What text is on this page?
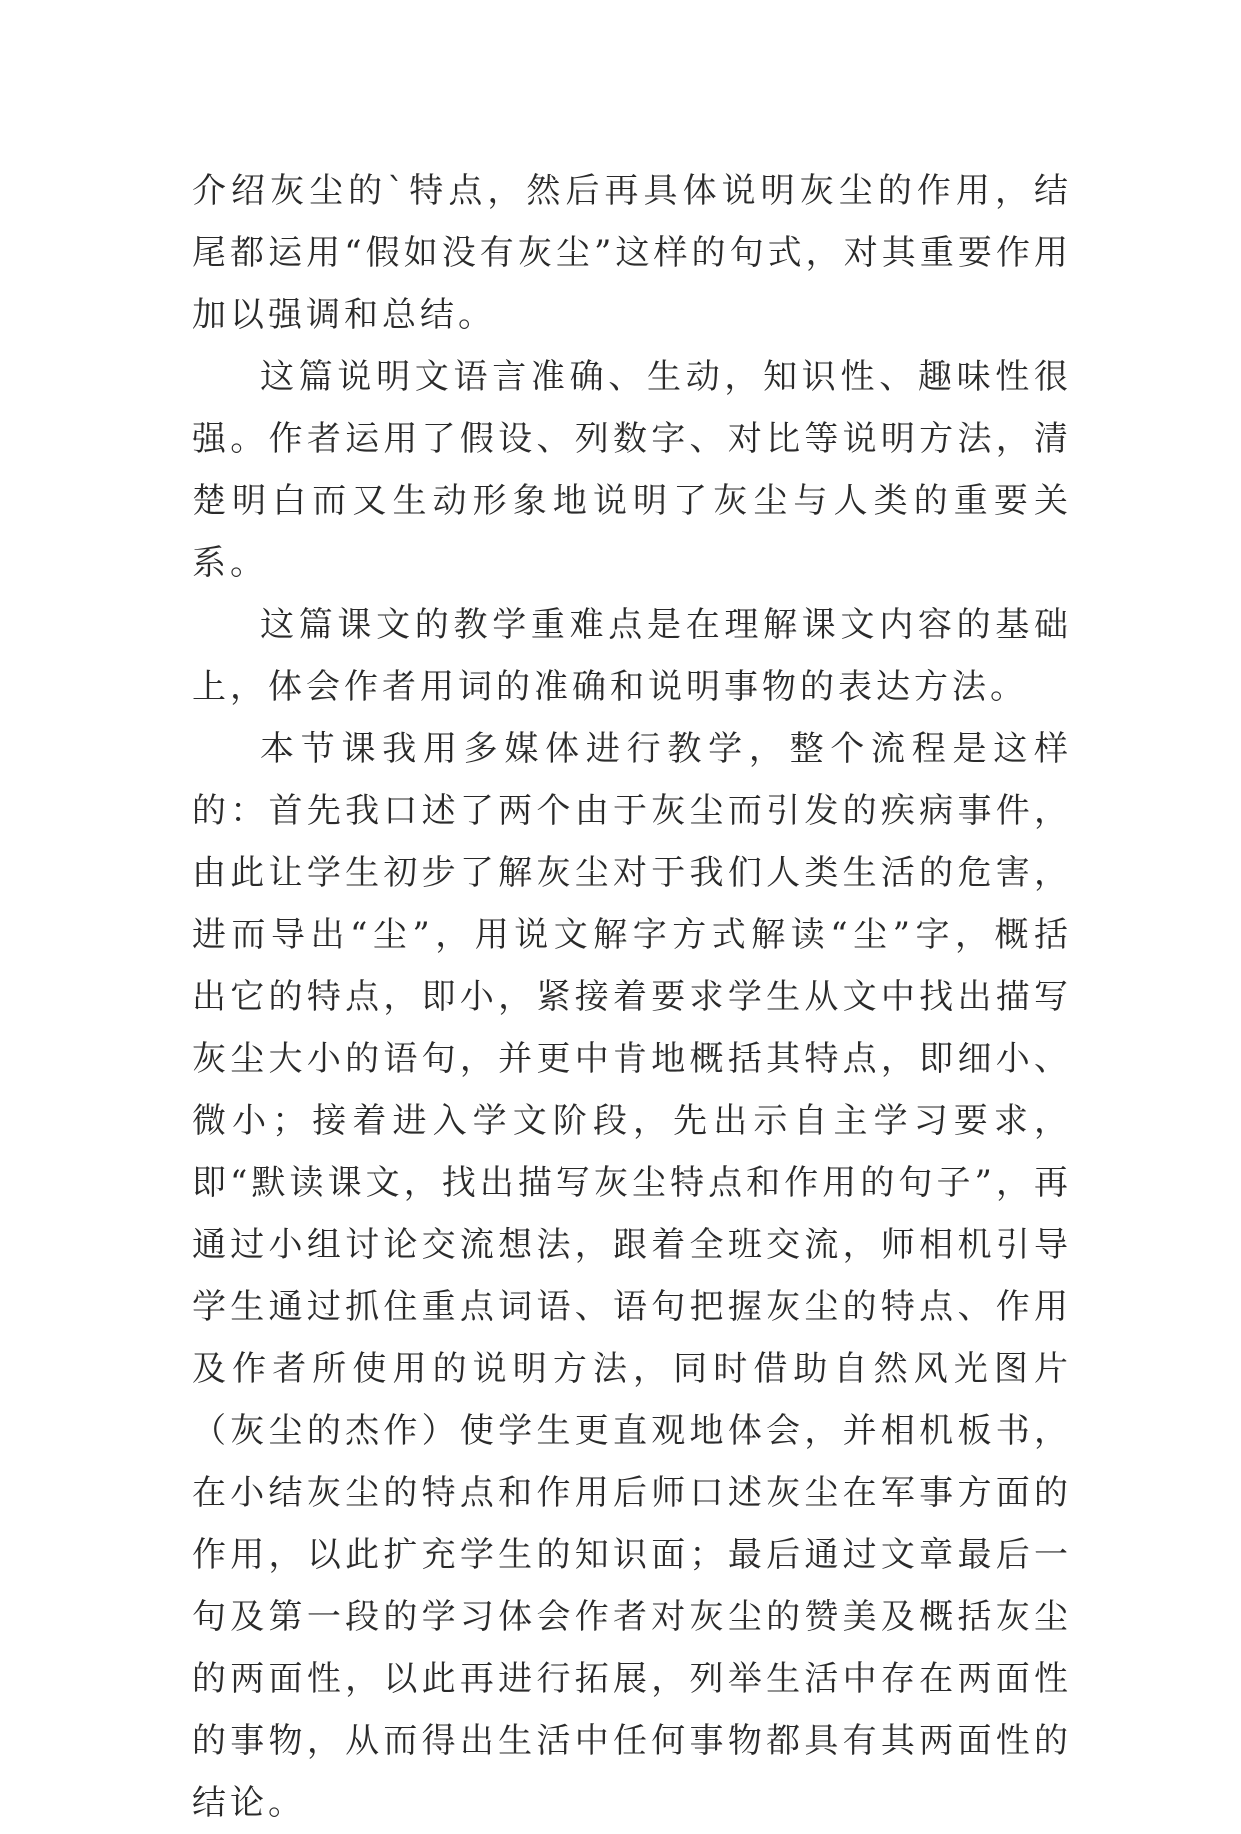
介绍灰尘的`特点，然后再具体说明灰尘的作用，结尾都运用“假如没有灰尘”这样的句式，对其重要作用加以强调和总结。

这篇说明文语言准确、生动，知识性、趣味性很强。作者运用了假设、列数字、对比等说明方法，清楚明白而又生动形象地说明了灰尘与人类的重要关系。

这篇课文的教学重难点是在理解课文内容的基础上，体会作者用词的准确和说明事物的表达方法。

本节课我用多媒体进行教学，整个流程是这样的：首先我口述了两个由于灰尘而引发的疾病事件，由此让学生初步了解灰尘对于我们人类生活的危害，进而导出“尘”，用说文解字方式解读“尘”字，概括出它的特点，即小，紧接着要求学生从文中找出描写灰尘大小的语句，并更中肯地概括其特点，即细小、微小；接着进入学文阶段，先出示自主学习要求，即“默读课文，找出描写灰尘特点和作用的句子”，再通过小组讨论交流想法，跟着全班交流，师相机引导学生通过抓住重点词语、语句把握灰尘的特点、作用及作者所使用的说明方法，同时借助自然风光图片（灰尘的杰作）使学生更直观地体会，并相机板书，在小结灰尘的特点和作用后师口述灰尘在军事方面的作用，以此扩充学生的知识面；最后通过文章最后一句及第一段的学习体会作者对灰尘的赞美及概括灰尘的两面性，以此再进行拓展，列举生活中存在两面性的事物，从而得出生活中任何事物都具有其两面性的结论。
